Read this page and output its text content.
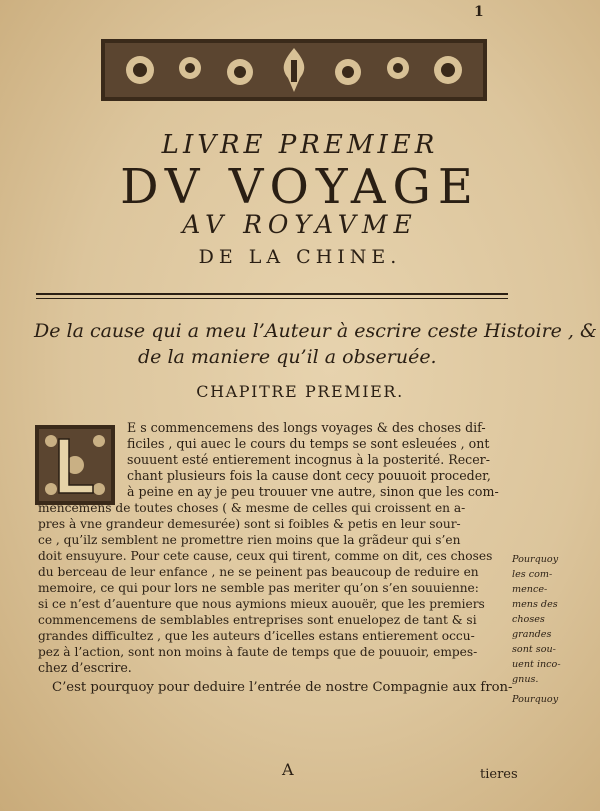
1
LIVRE PREMIER
DV VOYAGE
AV ROYAVME
DE LA CHINE.
De la cause qui a meu l’Auteur à escrire ceste Histoire , &
de la maniere qu’il a obseruée.
CHAPITRE PREMIER.
E s commencemens des longs voyages & des choses dif-
ficiles , qui auec le cours du temps se sont esleuées , ont
souuent esté entierement incognus à la posterité. Recer-
chant plusieurs fois la cause dont cecy pouuoit proceder,
à peine en ay je peu trouuer vne autre, sinon que les com-
mencemens de toutes choses ( & mesme de celles qui croissent en a-
pres à vne grandeur demesurée) sont si foibles & petis en leur sour-
ce , qu’ilz semblent ne promettre rien moins que la grãdeur qui s’en
doit ensuyure. Pour cete cause, ceux qui tirent, comme on dit, ces choses
du berceau de leur enfance , ne se peinent pas beaucoup de reduire en
memoire, ce qui pour lors ne semble pas meriter qu’on s’en souuienne:
si ce n’est d’auenture que nous aymions mieux auouër, que les premiers
commencemens de semblables entreprises sont enuelopez de tant & si
grandes difficultez , que les auteurs d’icelles estans entierement occu-
pez à l’action, sont non moins à faute de temps que de pouuoir, empes-
chez d’escrire.
C’est pourquoy pour deduire l’entrée de nostre Compagnie aux fron-
Pourquoy
les com-
mence-
mens des
choses
grandes
sont sou-
uent inco-
gnus.
A	tieres
Pourquoy
